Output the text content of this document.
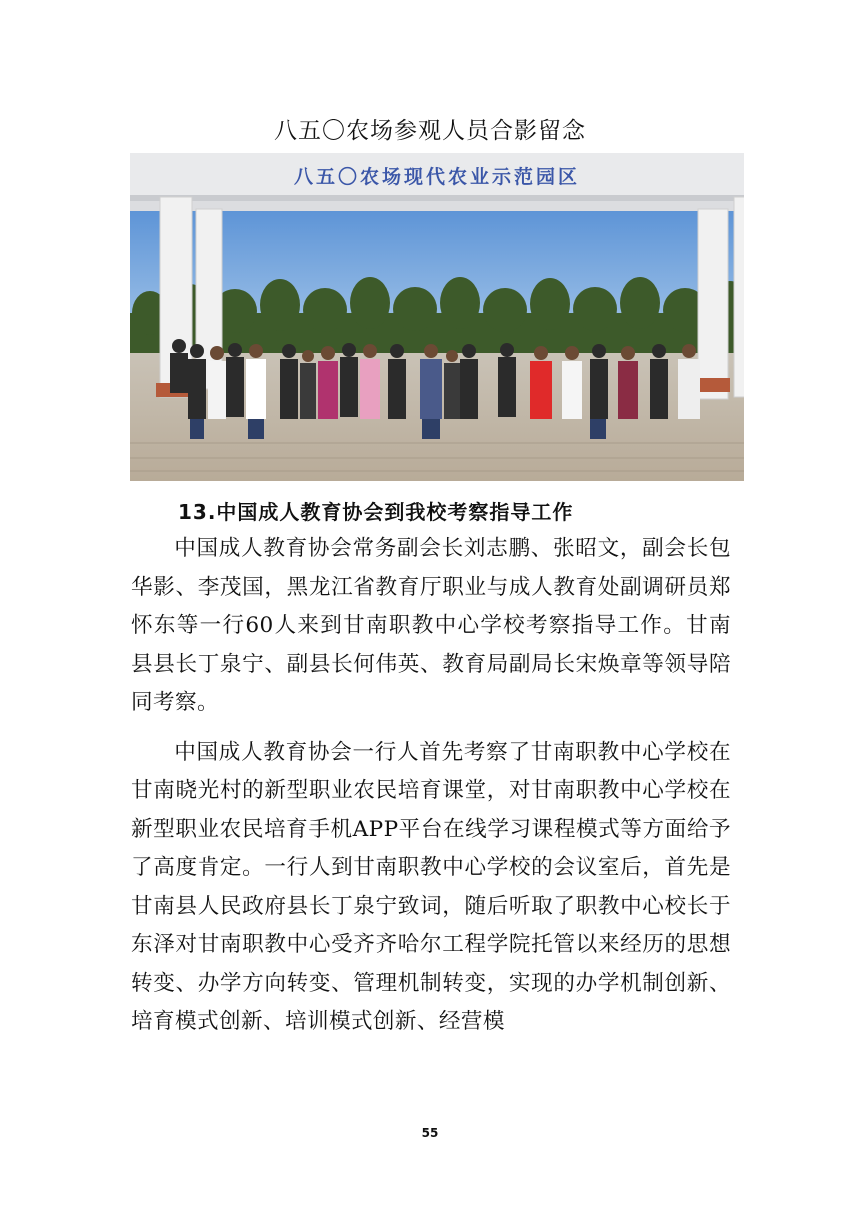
八五〇农场参观人员合影留念
八五〇农场现代农业示范园区
13.中国成人教育协会到我校考察指导工作

中国成人教育协会常务副会长刘志鹏、张昭文，副会长包华影、李茂国，黑龙江省教育厅职业与成人教育处副调研员郑怀东等一行60人来到甘南职教中心学校考察指导工作。甘南县县长丁泉宁、副县长何伟英、教育局副局长宋焕章等领导陪同考察。

中国成人教育协会一行人首先考察了甘南职教中心学校在甘南晓光村的新型职业农民培育课堂，对甘南职教中心学校在新型职业农民培育手机APP平台在线学习课程模式等方面给予了高度肯定。一行人到甘南职教中心学校的会议室后，首先是甘南县人民政府县长丁泉宁致词，随后听取了职教中心校长于东泽对甘南职教中心受齐齐哈尔工程学院托管以来经历的思想转变、办学方向转变、管理机制转变，实现的办学机制创新、培育模式创新、培训模式创新、经营模

55
